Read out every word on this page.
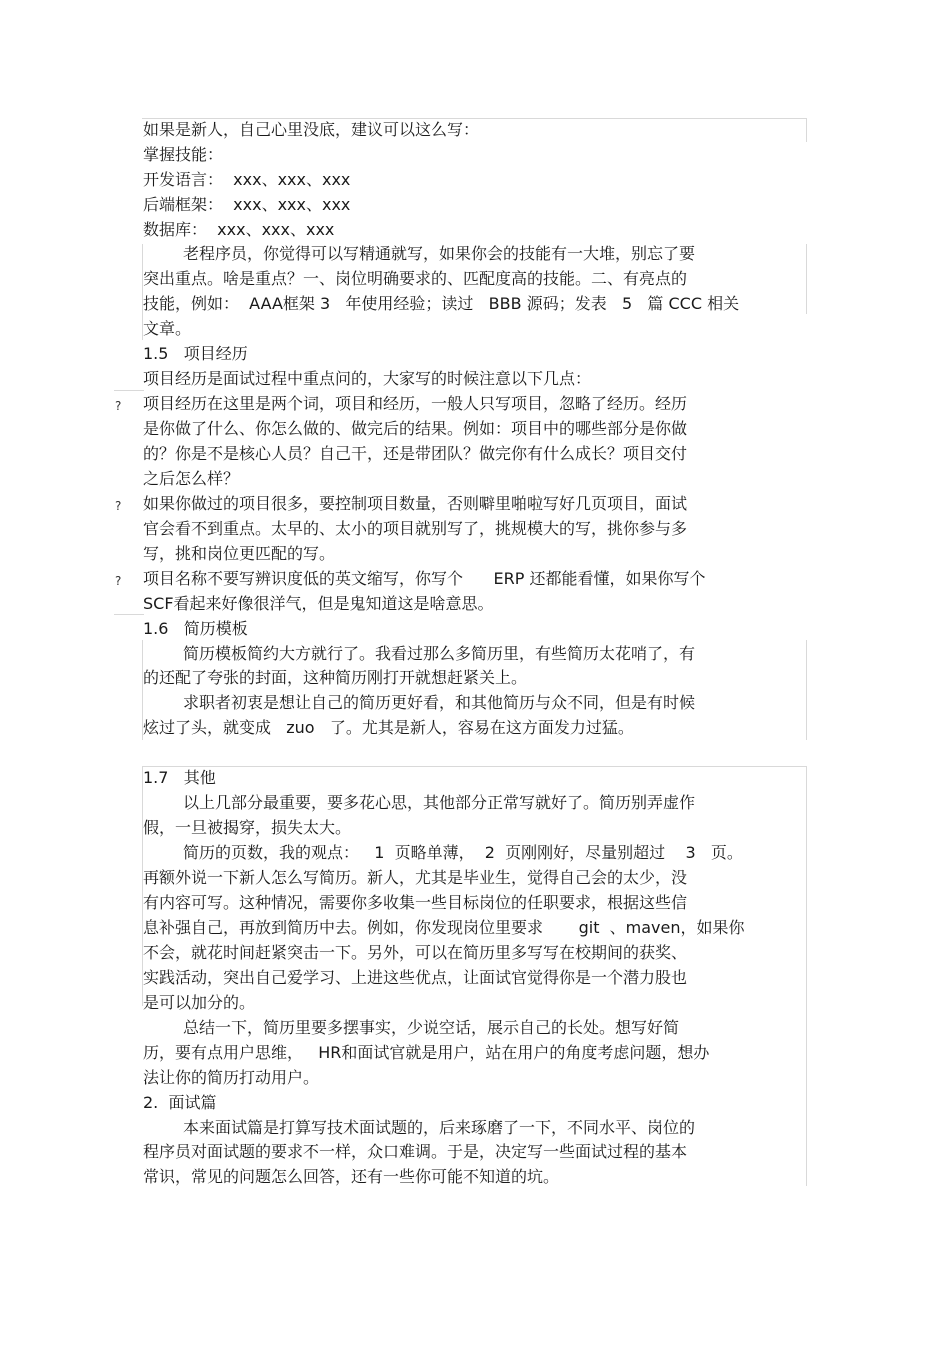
?
?
?
如果是新人，自己心里没底，建议可以这么写：
掌握技能：
开发语言：  xxx、xxx、xxx
后端框架：  xxx、xxx、xxx
数据库：  xxx、xxx、xxx
老程序员，你觉得可以写精通就写，如果你会的技能有一大堆，别忘了要
突出重点。啥是重点？一、岗位明确要求的、匹配度高的技能。二、有亮点的
技能，例如：  AAA框架 3   年使用经验；读过   BBB 源码；发表   5   篇 CCC 相关
文章。
1.5   项目经历
项目经历是面试过程中重点问的，大家写的时候注意以下几点：
项目经历在这里是两个词，项目和经历，一般人只写项目，忽略了经历。经历
是你做了什么、你怎么做的、做完后的结果。例如：项目中的哪些部分是你做
的？你是不是核心人员？自己干，还是带团队？做完你有什么成长？项目交付
之后怎么样？
如果你做过的项目很多，要控制项目数量，否则噼里啪啦写好几页项目，面试
官会看不到重点。太早的、太小的项目就别写了，挑规模大的写，挑你参与多
写，挑和岗位更匹配的写。
项目名称不要写辨识度低的英文缩写，你写个      ERP 还都能看懂，如果你写个
SCF看起来好像很洋气，但是鬼知道这是啥意思。
1.6   简历模板
简历模板简约大方就行了。我看过那么多简历里，有些简历太花哨了，有
的还配了夸张的封面，这种简历刚打开就想赶紧关上。
求职者初衷是想让自己的简历更好看，和其他简历与众不同，但是有时候
炫过了头，就变成   zuo   了。尤其是新人，容易在这方面发力过猛。
1.7   其他
以上几部分最重要，要多花心思，其他部分正常写就好了。简历别弄虚作
假，一旦被揭穿，损失太大。
简历的页数，我的观点：   1  页略单薄，  2  页刚刚好，尽量别超过    3   页。
再额外说一下新人怎么写简历。新人，尤其是毕业生，觉得自己会的太少，没
有内容可写。这种情况，需要你多收集一些目标岗位的任职要求，根据这些信
息补强自己，再放到简历中去。例如，你发现岗位里要求       git  、maven，如果你
不会，就花时间赶紧突击一下。另外，可以在简历里多写写在校期间的获奖、
实践活动，突出自己爱学习、上进这些优点，让面试官觉得你是一个潜力股也
是可以加分的。
总结一下，简历里要多摆事实，少说空话，展示自己的长处。想写好简
历，要有点用户思维，   HR和面试官就是用户，站在用户的角度考虑问题，想办
法让你的简历打动用户。
2.  面试篇
本来面试篇是打算写技术面试题的，后来琢磨了一下，不同水平、岗位的
程序员对面试题的要求不一样，众口难调。于是，决定写一些面试过程的基本
常识，常见的问题怎么回答，还有一些你可能不知道的坑。
